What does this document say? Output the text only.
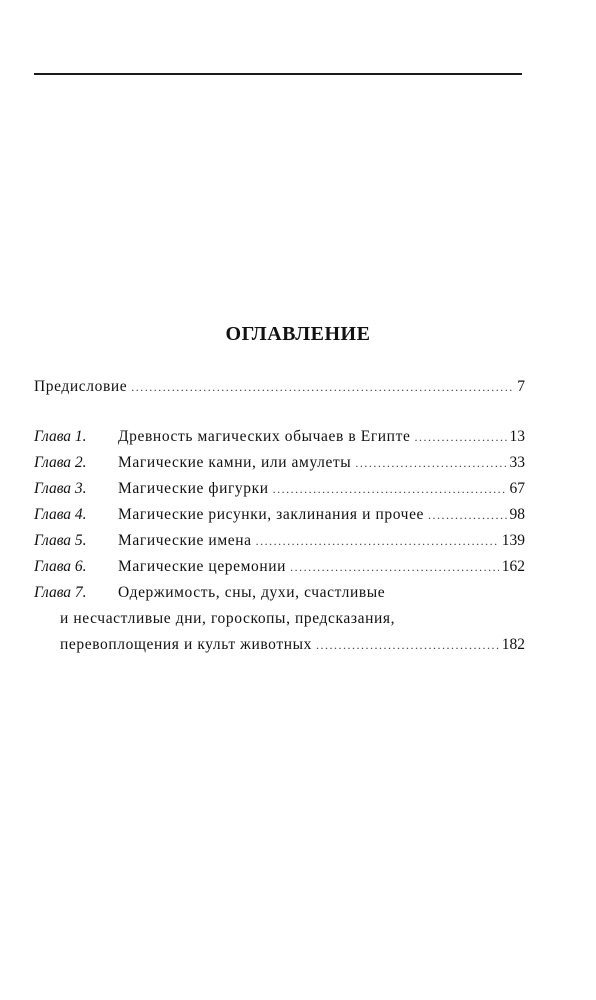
ОГЛАВЛЕНИЕ
Предисловие .....	7
Глава 1.	Древность магических обычаев в Египте .....	13
Глава 2.	Магические камни, или амулеты .....	33
Глава 3.	Магические фигурки .....	67
Глава 4.	Магические рисунки, заклинания и прочее .....	98
Глава 5.	Магические имена .....	139
Глава 6.	Магические церемонии .....	162
Глава 7.	Одержимость, сны, духи, счастливые
и несчастливые дни, гороскопы, предсказания,
перевоплощения и культ животных .....	182
